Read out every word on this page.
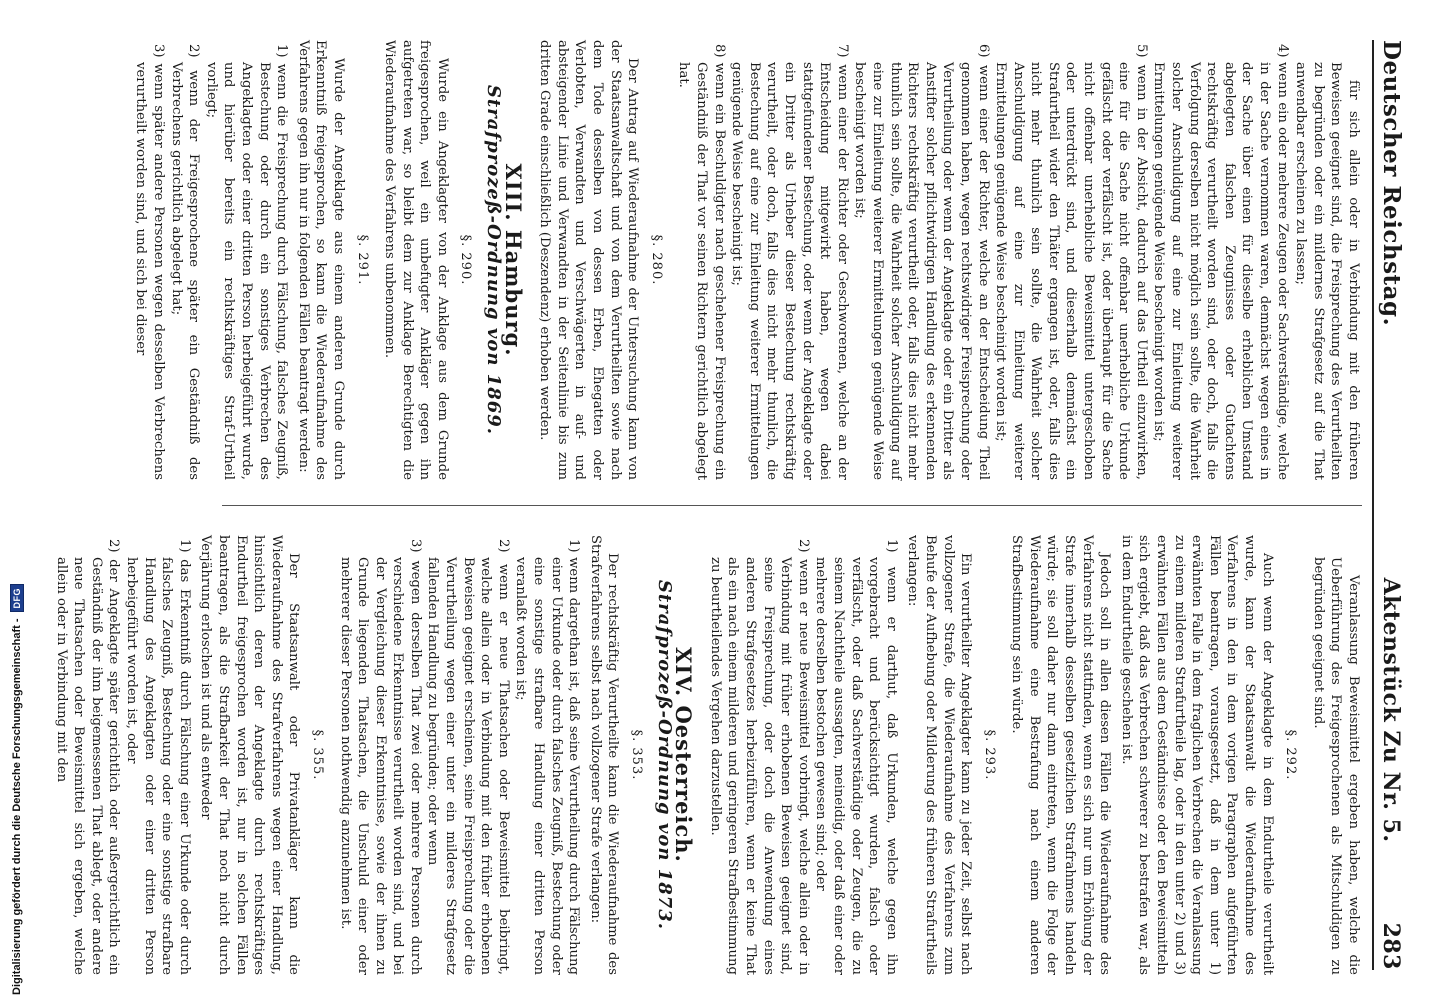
Deutscher Reichstag.
Aktenstück Zu Nr. 5.
283

für sich allein oder in Verbindung mit den früheren Beweisen geeignet sind, die Freisprechung des Verurtheilten zu begründen oder ein mildernes Strafgesetz auf die That anwendbar erscheinen zu lassen;

4) wenn ein oder mehrere Zeugen oder Sachverständige, welche in der Sache vernommen waren, demnächst wegen eines in der Sache über einen für dieselbe erheblichen Umstand abgelegten falschen Zeugnisses oder Gutachtens rechtskräftig verurtheilt worden sind, oder doch, falls die Verfolgung derselben nicht möglich sein sollte, die Wahrheit solcher Anschuldigung auf eine zur Einleitung weiterer Ermittelungen genügende Weise bescheinigt worden ist;

5) wenn in der Absicht, dadurch auf das Urtheil einzuwirken, eine für die Sache nicht offenbar unerhebliche Urkunde gefälscht oder verfälscht ist, oder überhaupt für die Sache nicht offenbar unerhebliche Beweismittel untergeschoben oder unterdrückt sind, und dieserhalb demnächst ein Strafurtheil wider den Thäter ergangen ist, oder, falls dies nicht mehr thunlich sein sollte, die Wahrheit solcher Anschuldigung auf eine zur Einleitung weiterer Ermittelungen genügende Weise bescheinigt worden ist;

6) wenn einer der Richter, welche an der Entscheidung Theil genommen haben, wegen rechtswidriger Freisprechung oder Verurtheilung oder wenn der Angeklagte oder ein Dritter als Anstifter solcher pflichtwidrigen Handlung des erkennenden Richters rechtskräftig verurtheilt oder, falls dies nicht mehr thunlich sein sollte, die Wahrheit solcher Anschuldigung auf eine zur Einleitung weiterer Ermittelungen genügende Weise bescheinigt worden ist;

7) wenn einer der Richter oder Geschworenen, welche an der Entscheidung mitgewirkt haben, wegen dabei stattgefundener Bestechung, oder wenn der Angeklagte oder ein Dritter als Urheber dieser Bestechung rechtskräftig verurtheilt, oder doch, falls dies nicht mehr thunlich, die Bestechung auf eine zur Einleitung weiterer Ermittelungen genügende Weise bescheinigt ist;

8) wenn ein Beschuldigter nach geschehener Freisprechung ein Geständniß der That vor seinen Richtern gerichtlich abgelegt hat.

§. 280.

Der Antrag auf Wiederaufnahme der Untersuchung kann von der Staatsanwaltschaft und von dem Verurtheilten sowie nach dem Tode desselben von dessen Erben, Ehegatten oder Verlobten, Verwandten und Verschwägerten in auf- und absteigender Linie und Verwandten in der Seitenlinie bis zum dritten Grade einschließlich (Deszendenz) erhoben werden.

XIII. Hamburg.
Strafprozeß-Ordnung von 1869.
§. 290.

Wurde ein Angeklagter von der Anklage aus dem Grunde freigesprochen, weil ein unbefugter Ankläger gegen ihn aufgetreten war, so bleibt dem zur Anklage Berechtigten die Wiederaufnahme des Verfahrens unbenommen.

§. 291.

Wurde der Angeklagte aus einem anderen Grunde durch Erkenntniß freigesprochen, so kann die Wiederaufnahme des Verfahrens gegen ihn nur in folgenden Fällen beantragt werden:

1) wenn die Freisprechung durch Fälschung, falsches Zeugniß, Bestechung oder durch ein sonstiges Verbrechen des Angeklagten oder einer dritten Person herbeigeführt wurde, und hierüber bereits ein rechtskräftiges Straf-Urtheil vorliegt;

2) wenn der Freigesprochene später ein Geständniß des Verbrechens gerichtlich abgelegt hat;

3) wenn später andere Personen wegen desselben Verbrechens verurtheilt worden sind, und sich bei dieser

Veranlassung Beweismittel ergeben haben, welche die Ueberführung des Freigesprochenen als Mitschuldigen zu begründen geeignet sind.

§. 292.

Auch wenn der Angeklagte in dem Endurtheile verurtheilt wurde, kann der Staatsanwalt die Wiederaufnahme des Verfahrens in den in dem vorigen Paragraphen aufgeführten Fällen beantragen, vorausgesetzt, daß in dem unter 1) erwähnten Falle in dem fraglichen Verbrechen die Veranlassung zu einem milderen Strafurtheile lag, oder in den unter 2) und 3) erwähnten Fällen aus dem Geständnisse oder den Beweismitteln sich ergiebt, daß das Verbrechen schwerer zu bestrafen war, als in dem Endurtheile geschehen ist.

Jedoch soll in allen diesen Fällen die Wiederaufnahme des Verfahrens nicht stattfinden, wenn es sich nur um Erhöhung der Strafe innerhalb desselben gesetzlichen Strafrahmens handeln würde; sie soll daher nur dann eintreten, wenn die Folge der Wiederaufnahme eine Bestrafung nach einem anderen Strafbestimmung sein würde.

§. 293.

Ein verurtheilter Angeklagter kann zu jeder Zeit, selbst nach vollzogener Strafe, die Wiederaufnahme des Verfahrens zum Behufe der Aufhebung oder Milderung des früheren Strafurtheils verlangen:

1) wenn er darthut, daß Urkunden, welche gegen ihn vorgebracht und berücksichtigt wurden, falsch oder verfälscht, oder daß Sachverständige oder Zeugen, die zu seinem Nachtheile aussagten, meineidig, oder daß einer oder mehrere derselben bestochen gewesen sind; oder

2) wenn er neue Beweismittel vorbringt, welche allein oder in Verbindung mit früher erhobenen Beweisen geeignet sind, seine Freisprechung, oder doch die Anwendung eines anderen Strafgesetzes herbeizuführen, wenn er keine That als ein nach einem milderen und geringeren Strafbestimmung zu beurtheilendes Vergehen darzustellen.

XIV. Oesterreich.
Strafprozeß-Ordnung von 1873.
§. 353.

Der rechtskräftig Verurtheilte kann die Wiederaufnahme des Strafverfahrens selbst nach vollzogener Strafe verlangen:

1) wenn dargethan ist, daß seine Verurtheilung durch Fälschung einer Urkunde oder durch falsches Zeugniß, Bestechung oder eine sonstige strafbare Handlung einer dritten Person veranlaßt worden ist;

2) wenn er neue Thatsachen oder Beweismittel beibringt, welche allein oder in Verbindung mit den früher erhobenen Beweisen geeignet erscheinen, seine Freisprechung oder die Verurtheilung wegen einer unter ein milderes Strafgesetz fallenden Handlung zu begründen; oder wenn

3) wegen derselben That zwei oder mehrere Personen durch verschiedene Erkenntnisse verurtheilt worden sind, und bei der Vergleichung dieser Erkenntnisse, sowie der ihnen zu Grunde liegenden Thatsachen, die Unschuld einer oder mehrerer dieser Personen nothwendig anzunehmen ist.

§. 355.

Der Staatsanwalt oder Privatankläger kann die Wiederaufnahme des Strafverfahrens wegen einer Handlung, hinsichtlich deren der Angeklagte durch rechtskräftiges Endurtheil freigesprochen worden ist, nur in solchen Fällen beantragen, als die Strafbarkeit der That noch nicht durch Verjährung erloschen ist und als entweder

1) das Erkenntniß durch Fälschung einer Urkunde oder durch falsches Zeugniß, Bestechung oder eine sonstige strafbare Handlung des Angeklagten oder einer dritten Person herbeigeführt worden ist, oder

2) der Angeklagte später gerichtlich oder außergerichtlich ein Geständniß der ihm beigemessenen That ablegt, oder andere neue Thatsachen oder Beweismittel sich ergeben, welche allein oder in Verbindung mit den

Digitalisierung gefördert durch die Deutsche Forschungsgemeinschaft -
DFG
